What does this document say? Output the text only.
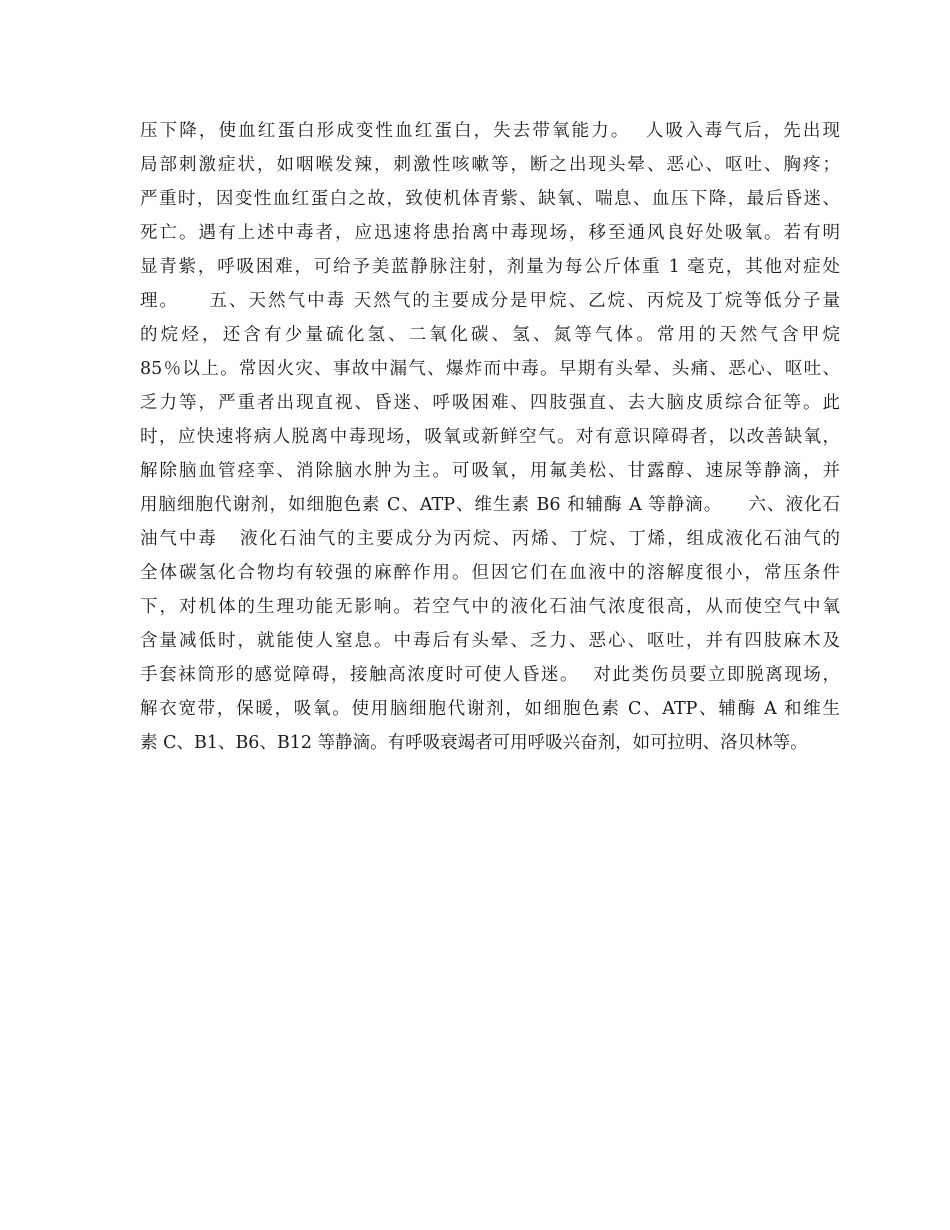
压下降，使血红蛋白形成变性血红蛋白，失去带氧能力。  人吸入毒气后，先出现
局部刺激症状，如咽喉发辣，刺激性咳嗽等，断之出现头晕、恶心、呕吐、胸疼；
严重时，因变性血红蛋白之故，致使机体青紫、缺氧、喘息、血压下降，最后昏迷、
死亡。遇有上述中毒者，应迅速将患抬离中毒现场，移至通风良好处吸氧。若有明
显青紫，呼吸困难，可给予美蓝静脉注射，剂量为每公斤体重 1 毫克，其他对症处
理。    五、天然气中毒 天然气的主要成分是甲烷、乙烷、丙烷及丁烷等低分子量
的烷烃，还含有少量硫化氢、二氧化碳、氢、氮等气体。常用的天然气含甲烷
85％以上。常因火灾、事故中漏气、爆炸而中毒。早期有头晕、头痛、恶心、呕吐、
乏力等，严重者出现直视、昏迷、呼吸困难、四肢强直、去大脑皮质综合征等。此
时，应快速将病人脱离中毒现场，吸氧或新鲜空气。对有意识障碍者，以改善缺氧，
解除脑血管痉挛、消除脑水肿为主。可吸氧，用氟美松、甘露醇、速尿等静滴，并
用脑细胞代谢剂，如细胞色素 C、ATP、维生素 B6 和辅酶 A 等静滴。    六、液化石
油气中毒   液化石油气的主要成分为丙烷、丙烯、丁烷、丁烯，组成液化石油气的
全体碳氢化合物均有较强的麻醉作用。但因它们在血液中的溶解度很小，常压条件
下，对机体的生理功能无影响。若空气中的液化石油气浓度很高，从而使空气中氧
含量减低时，就能使人窒息。中毒后有头晕、乏力、恶心、呕吐，并有四肢麻木及
手套袜筒形的感觉障碍，接触高浓度时可使人昏迷。  对此类伤员要立即脱离现场，
解衣宽带，保暖，吸氧。使用脑细胞代谢剂，如细胞色素 C、ATP、辅酶 A 和维生
素 C、B1、B6、B12 等静滴。有呼吸衰竭者可用呼吸兴奋剂，如可拉明、洛贝林等。
